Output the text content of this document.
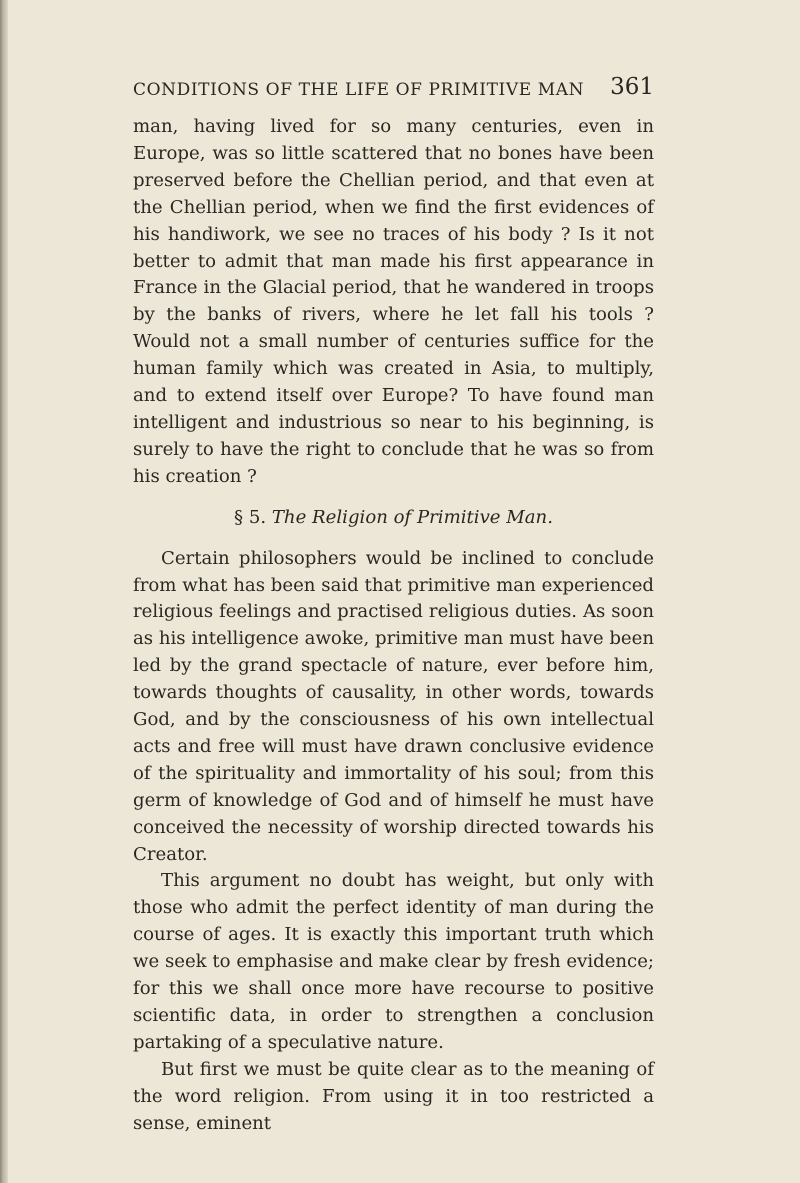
CONDITIONS OF THE LIFE OF PRIMITIVE MAN 361

man, having lived for so many centuries, even in Europe, was so little scattered that no bones have been preserved before the Chellian period, and that even at the Chellian period, when we find the first evidences of his handiwork, we see no traces of his body ? Is it not better to admit that man made his first appearance in France in the Glacial period, that he wandered in troops by the banks of rivers, where he let fall his tools ? Would not a small number of centuries suffice for the human family which was created in Asia, to multiply, and to extend itself over Europe? To have found man intelligent and industrious so near to his beginning, is surely to have the right to conclude that he was so from his creation ?

§ 5. The Religion of Primitive Man.

Certain philosophers would be inclined to conclude from what has been said that primitive man experienced religious feelings and practised religious duties. As soon as his intelligence awoke, primitive man must have been led by the grand spectacle of nature, ever before him, towards thoughts of causality, in other words, towards God, and by the consciousness of his own intellectual acts and free will must have drawn conclusive evidence of the spirituality and immortality of his soul; from this germ of knowledge of God and of himself he must have conceived the necessity of worship directed towards his Creator.

This argument no doubt has weight, but only with those who admit the perfect identity of man during the course of ages. It is exactly this important truth which we seek to emphasise and make clear by fresh evidence; for this we shall once more have recourse to positive scientific data, in order to strengthen a conclusion partaking of a speculative nature.

But first we must be quite clear as to the meaning of the word religion. From using it in too restricted a sense, eminent
